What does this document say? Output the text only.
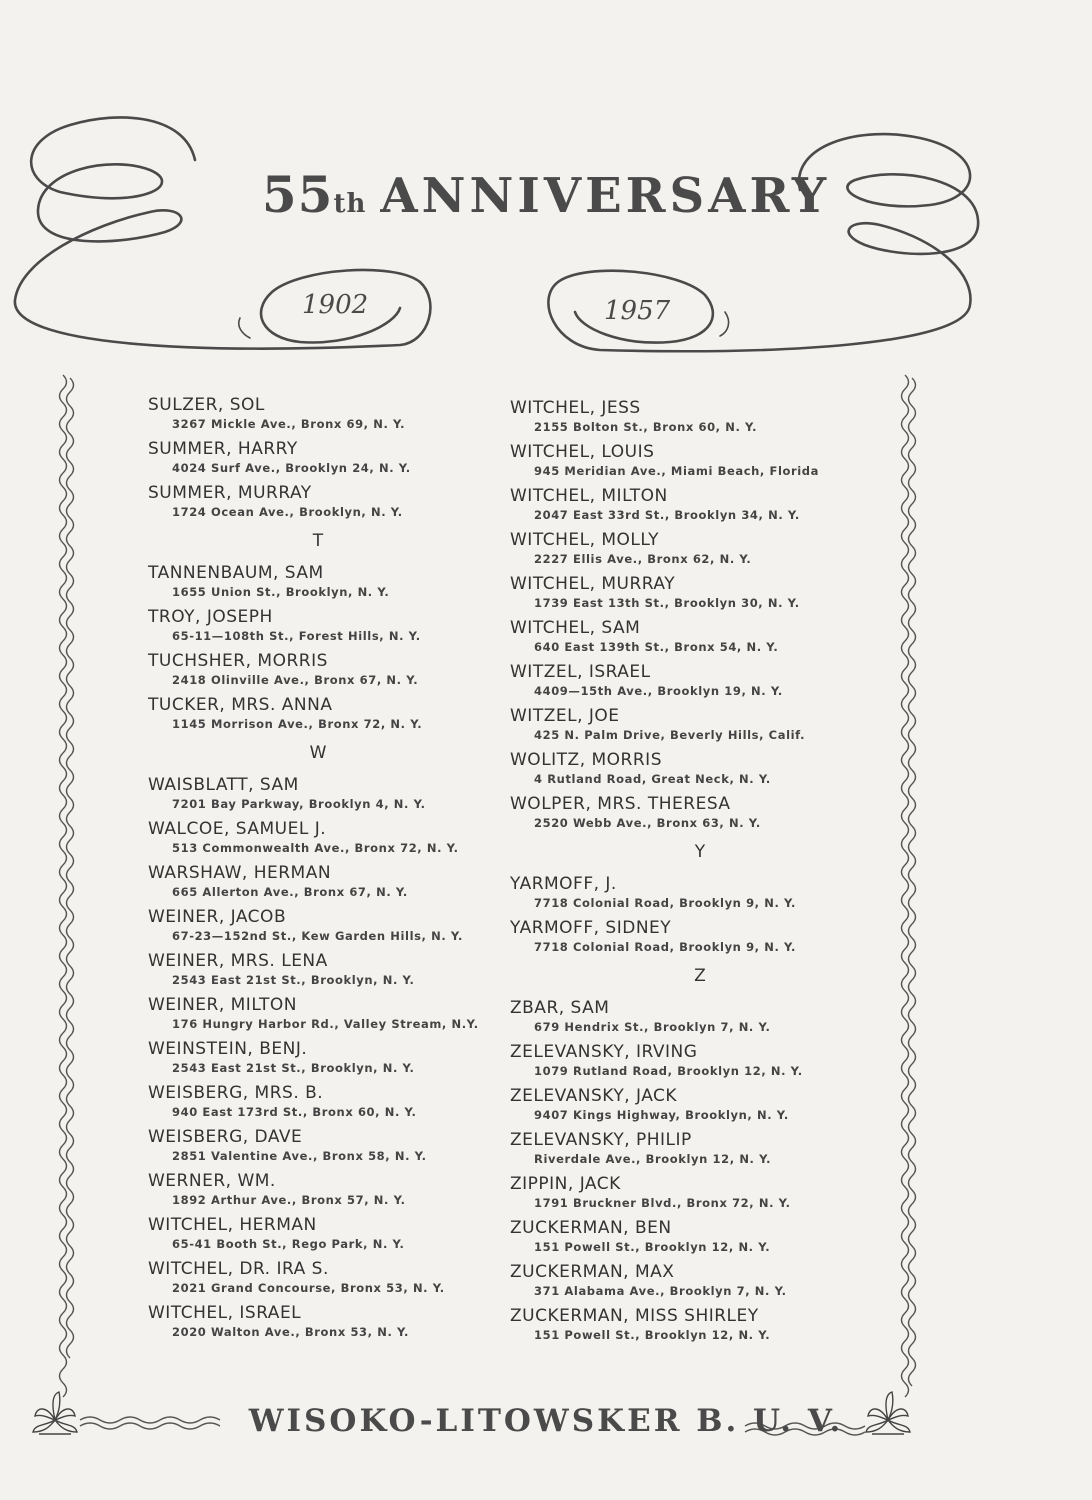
55th ANNIVERSARY
1902	1957
SULZER, SOL
3267 Mickle Ave., Bronx 69, N. Y.
SUMMER, HARRY
4024 Surf Ave., Brooklyn 24, N. Y.
SUMMER, MURRAY
1724 Ocean Ave., Brooklyn, N. Y.
T
TANNENBAUM, SAM
1655 Union St., Brooklyn, N. Y.
TROY, JOSEPH
65-11—108th St., Forest Hills, N. Y.
TUCHSHER, MORRIS
2418 Olinville Ave., Bronx 67, N. Y.
TUCKER, MRS. ANNA
1145 Morrison Ave., Bronx 72, N. Y.
W
WAISBLATT, SAM
7201 Bay Parkway, Brooklyn 4, N. Y.
WALCOE, SAMUEL J.
513 Commonwealth Ave., Bronx 72, N. Y.
WARSHAW, HERMAN
665 Allerton Ave., Bronx 67, N. Y.
WEINER, JACOB
67-23—152nd St., Kew Garden Hills, N. Y.
WEINER, MRS. LENA
2543 East 21st St., Brooklyn, N. Y.
WEINER, MILTON
176 Hungry Harbor Rd., Valley Stream, N.Y.
WEINSTEIN, BENJ.
2543 East 21st St., Brooklyn, N. Y.
WEISBERG, MRS. B.
940 East 173rd St., Bronx 60, N. Y.
WEISBERG, DAVE
2851 Valentine Ave., Bronx 58, N. Y.
WERNER, WM.
1892 Arthur Ave., Bronx 57, N. Y.
WITCHEL, HERMAN
65-41 Booth St., Rego Park, N. Y.
WITCHEL, DR. IRA S.
2021 Grand Concourse, Bronx 53, N. Y.
WITCHEL, ISRAEL
2020 Walton Ave., Bronx 53, N. Y.
WITCHEL, JESS
2155 Bolton St., Bronx 60, N. Y.
WITCHEL, LOUIS
945 Meridian Ave., Miami Beach, Florida
WITCHEL, MILTON
2047 East 33rd St., Brooklyn 34, N. Y.
WITCHEL, MOLLY
2227 Ellis Ave., Bronx 62, N. Y.
WITCHEL, MURRAY
1739 East 13th St., Brooklyn 30, N. Y.
WITCHEL, SAM
640 East 139th St., Bronx 54, N. Y.
WITZEL, ISRAEL
4409—15th Ave., Brooklyn 19, N. Y.
WITZEL, JOE
425 N. Palm Drive, Beverly Hills, Calif.
WOLITZ, MORRIS
4 Rutland Road, Great Neck, N. Y.
WOLPER, MRS. THERESA
2520 Webb Ave., Bronx 63, N. Y.
Y
YARMOFF, J.
7718 Colonial Road, Brooklyn 9, N. Y.
YARMOFF, SIDNEY
7718 Colonial Road, Brooklyn 9, N. Y.
Z
ZBAR, SAM
679 Hendrix St., Brooklyn 7, N. Y.
ZELEVANSKY, IRVING
1079 Rutland Road, Brooklyn 12, N. Y.
ZELEVANSKY, JACK
9407 Kings Highway, Brooklyn, N. Y.
ZELEVANSKY, PHILIP
Riverdale Ave., Brooklyn 12, N. Y.
ZIPPIN, JACK
1791 Bruckner Blvd., Bronx 72, N. Y.
ZUCKERMAN, BEN
151 Powell St., Brooklyn 12, N. Y.
ZUCKERMAN, MAX
371 Alabama Ave., Brooklyn 7, N. Y.
ZUCKERMAN, MISS SHIRLEY
151 Powell St., Brooklyn 12, N. Y.
WISOKO-LITOWSKER B. U. V.
